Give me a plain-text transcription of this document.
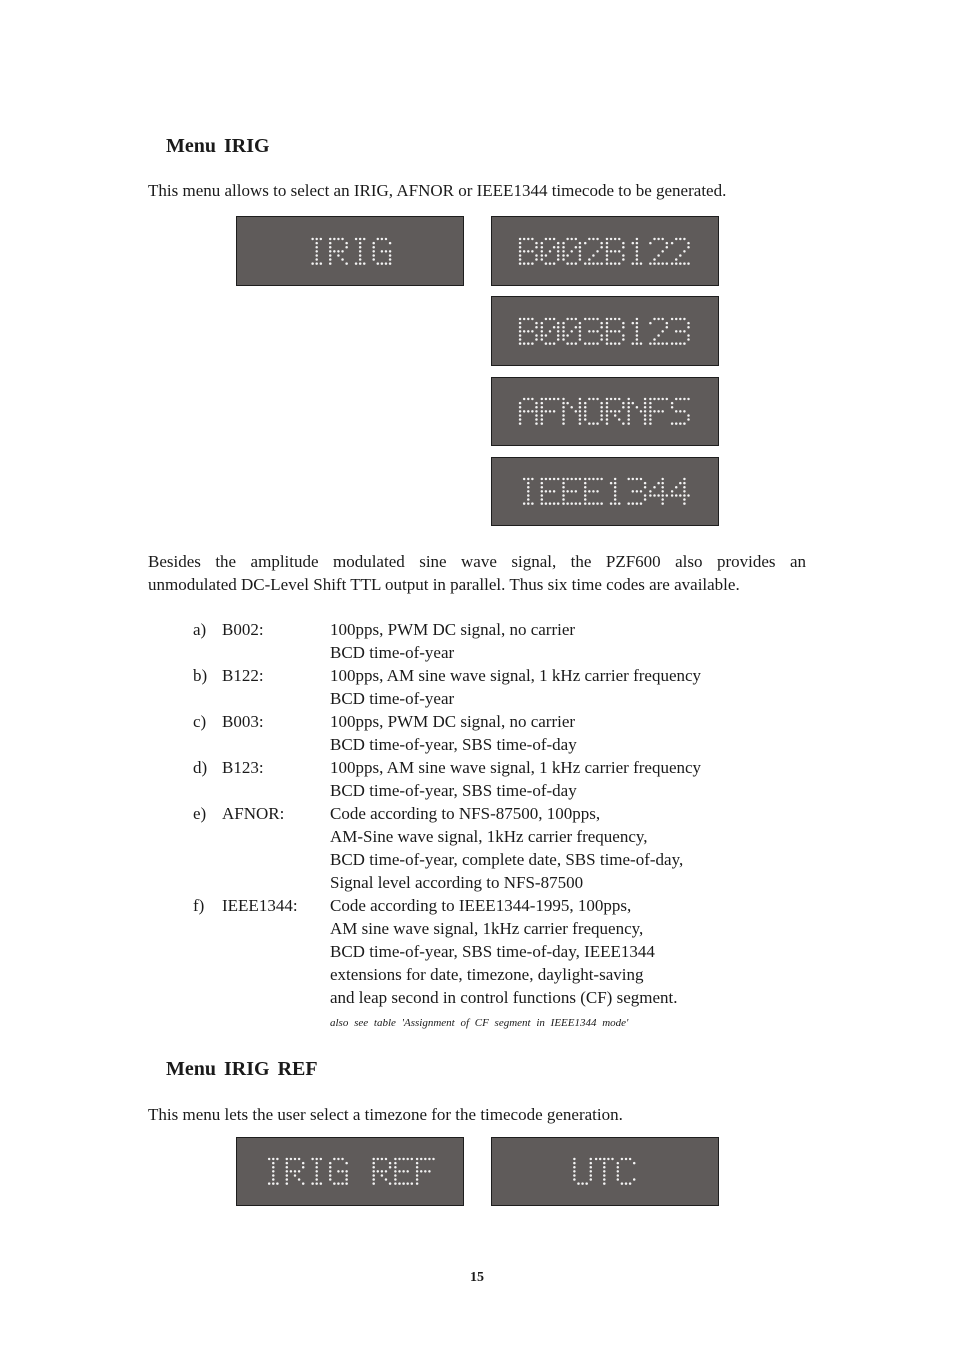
Menu IRIG

This menu allows to select an IRIG, AFNOR or IEEE1344 timecode to be generated.

Besides the amplitude modulated sine wave signal, the PZF600 also provides an

unmodulated DC-Level Shift TTL output in parallel. Thus six time codes are available.

a) B002:	100pps, PWM DC signal, no carrier
BCD time-of-year
b) B122:	100pps, AM sine wave signal, 1 kHz carrier frequency
BCD time-of-year
c) B003:	100pps, PWM DC signal, no carrier
BCD time-of-year, SBS time-of-day
d) B123:	100pps, AM sine wave signal, 1 kHz carrier frequency
BCD time-of-year, SBS time-of-day
e) AFNOR:	Code according to NFS-87500, 100pps,
AM-Sine wave signal, 1kHz carrier frequency,
BCD time-of-year, complete date, SBS time-of-day,
Signal level according to NFS-87500
f)	IEEE1344:	Code according to IEEE1344-1995, 100pps,
AM sine wave signal, 1kHz carrier frequency,
BCD time-of-year, SBS time-of-day, IEEE1344
extensions for date, timezone, daylight-saving
and leap second in control functions (CF) segment.
also see table 'Assignment of CF segment in IEEE1344 mode'
Menu IRIG REF

This menu lets the user select a timezone for the timecode generation.

15
